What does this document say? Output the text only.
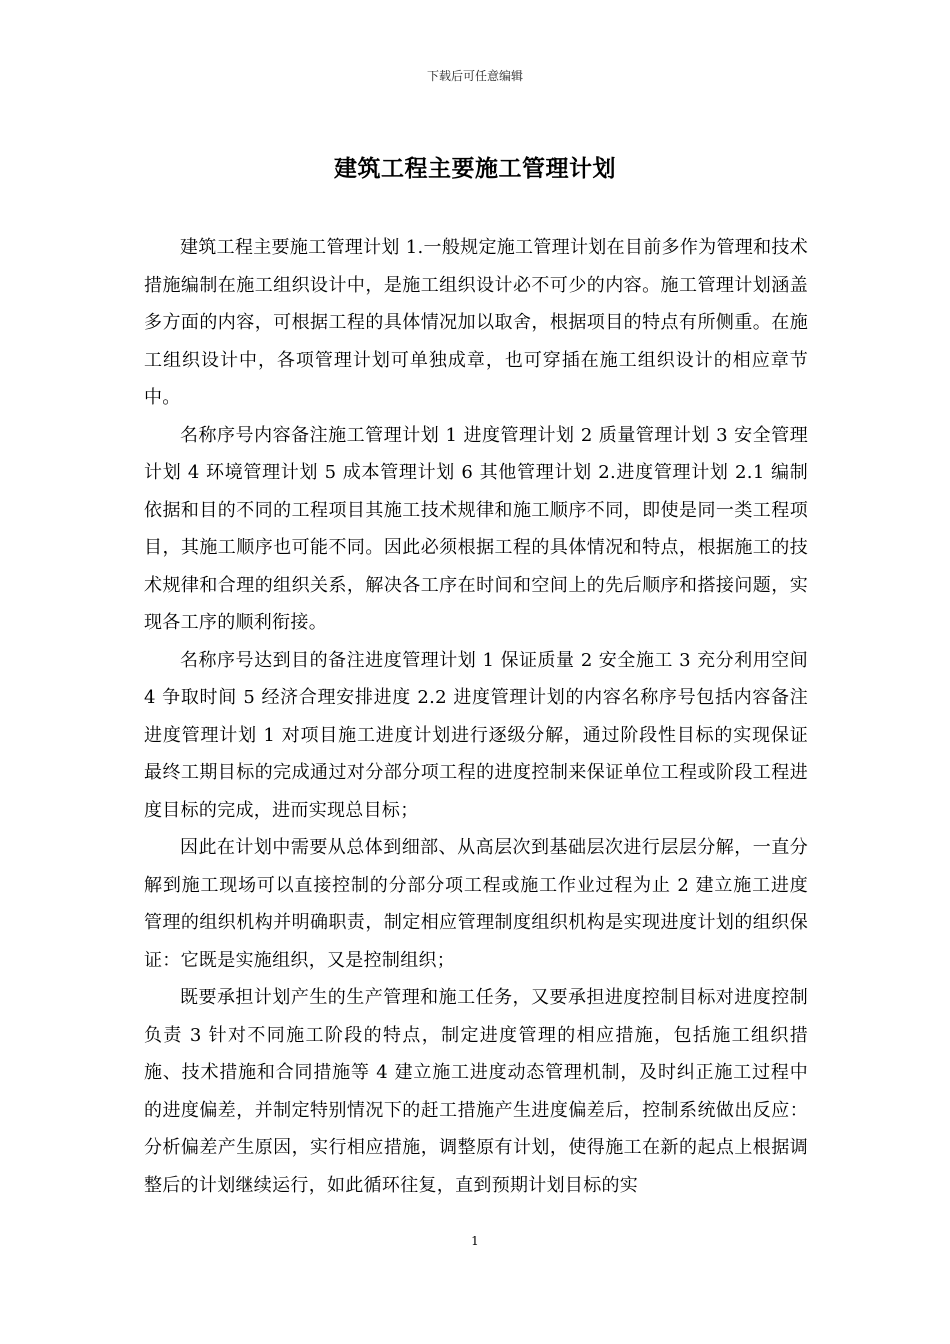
下载后可任意编辑
建筑工程主要施工管理计划

建筑工程主要施工管理计划 1.一般规定施工管理计划在目前多作为管理和技术措施编制在施工组织设计中，是施工组织设计必不可少的内容。施工管理计划涵盖多方面的内容，可根据工程的具体情况加以取舍，根据项目的特点有所侧重。在施工组织设计中，各项管理计划可单独成章，也可穿插在施工组织设计的相应章节中。

名称序号内容备注施工管理计划 1 进度管理计划 2 质量管理计划 3 安全管理计划 4 环境管理计划 5 成本管理计划 6 其他管理计划 2.进度管理计划 2.1 编制依据和目的不同的工程项目其施工技术规律和施工顺序不同，即使是同一类工程项目，其施工顺序也可能不同。因此必须根据工程的具体情况和特点，根据施工的技术规律和合理的组织关系，解决各工序在时间和空间上的先后顺序和搭接问题，实现各工序的顺利衔接。

名称序号达到目的备注进度管理计划 1 保证质量 2 安全施工 3 充分利用空间 4 争取时间 5 经济合理安排进度 2.2 进度管理计划的内容名称序号包括内容备注进度管理计划 1 对项目施工进度计划进行逐级分解，通过阶段性目标的实现保证最终工期目标的完成通过对分部分项工程的进度控制来保证单位工程或阶段工程进度目标的完成，进而实现总目标；

因此在计划中需要从总体到细部、从高层次到基础层次进行层层分解，一直分解到施工现场可以直接控制的分部分项工程或施工作业过程为止 2 建立施工进度管理的组织机构并明确职责，制定相应管理制度组织机构是实现进度计划的组织保证：它既是实施组织，又是控制组织；

既要承担计划产生的生产管理和施工任务，又要承担进度控制目标对进度控制负责 3 针对不同施工阶段的特点，制定进度管理的相应措施，包括施工组织措施、技术措施和合同措施等 4 建立施工进度动态管理机制，及时纠正施工过程中的进度偏差，并制定特别情况下的赶工措施产生进度偏差后，控制系统做出反应：分析偏差产生原因，实行相应措施，调整原有计划，使得施工在新的起点上根据调整后的计划继续运行，如此循环往复，直到预期计划目标的实

1
